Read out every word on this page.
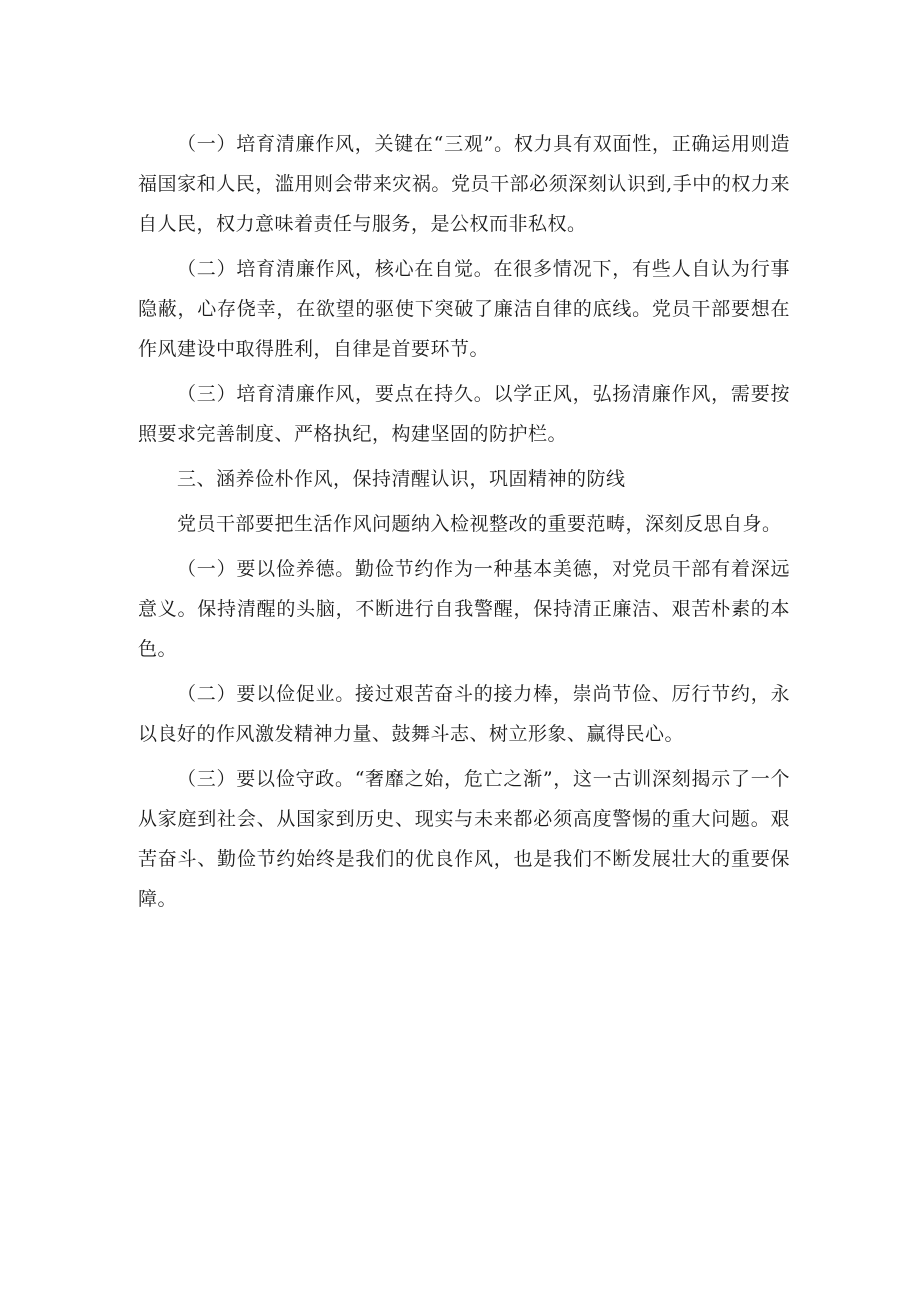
（一）培育清廉作风，关键在“三观”。权力具有双面性，正确运用则造福国家和人民，滥用则会带来灾祸。党员干部必须深刻认识到,手中的权力来自人民，权力意味着责任与服务，是公权而非私权。

（二）培育清廉作风，核心在自觉。在很多情况下，有些人自认为行事隐蔽，心存侥幸，在欲望的驱使下突破了廉洁自律的底线。党员干部要想在作风建设中取得胜利，自律是首要环节。

（三）培育清廉作风，要点在持久。以学正风，弘扬清廉作风，需要按照要求完善制度、严格执纪，构建坚固的防护栏。

三、涵养俭朴作风，保持清醒认识，巩固精神的防线

党员干部要把生活作风问题纳入检视整改的重要范畴，深刻反思自身。

（一）要以俭养德。勤俭节约作为一种基本美德，对党员干部有着深远意义。保持清醒的头脑，不断进行自我警醒，保持清正廉洁、艰苦朴素的本色。

（二）要以俭促业。接过艰苦奋斗的接力棒，崇尚节俭、厉行节约，永以良好的作风激发精神力量、鼓舞斗志、树立形象、赢得民心。

（三）要以俭守政。“奢靡之始，危亡之渐”，这一古训深刻揭示了一个从家庭到社会、从国家到历史、现实与未来都必须高度警惕的重大问题。艰苦奋斗、勤俭节约始终是我们的优良作风，也是我们不断发展壮大的重要保障。
